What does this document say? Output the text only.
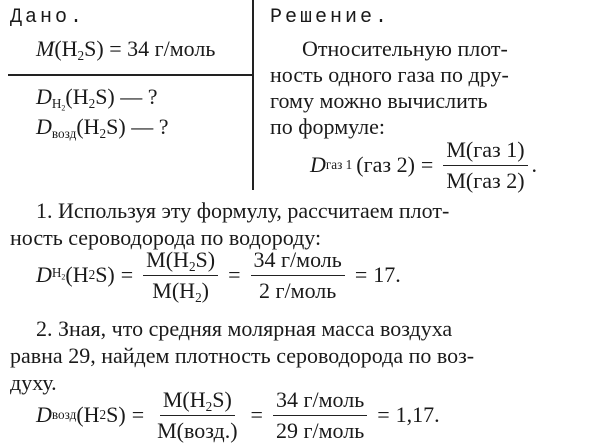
Дано.
$M(H_2S) = 34$ г/моль
$D_{H_2}(H_2S)$ — ?
$D_{возд}(H_2S)$ — ?
Решение.
Относительную плот-
ность одного газа по дру-
гому можно вычислить
по формуле:
D газ 1 (газ $2) = \frac{\text{M(газ 1)}}{\text{M(газ 2)}}$ .
1. Используя эту формулу, рассчитаем плот-
ность сероводорода по водороду:
D $H_2$ (H 2 $S) = \frac{M(H_2S)}{M(H_2)} = \frac{\text{34 г/моль}}{\text{2 г/моль}} = 17$.
2. Зная, что средняя молярная масса воздуха
равна 29, найдем плотность сероводорода по воз-
духу.
D возд (H 2 $S) = \frac{M(H_2S)}{\text{M(возд.)}} = \frac{\text{34 г/моль}}{\text{29 г/моль}} = 1,17$.
